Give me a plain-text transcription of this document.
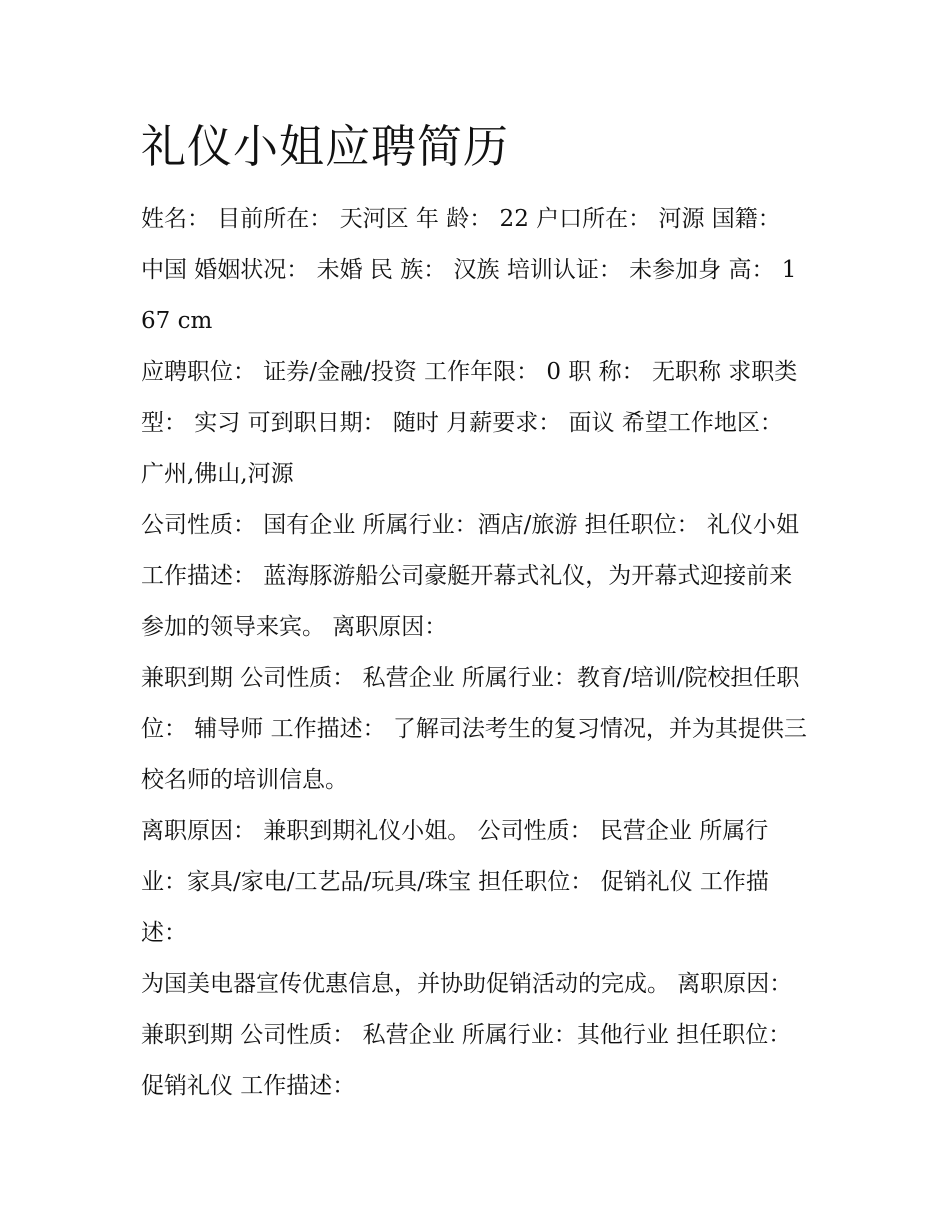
礼仪小姐应聘简历

姓名： 目前所在： 天河区 年 龄： 22 户口所在： 河源 国籍： 中国 婚姻状况： 未婚 民 族： 汉族 培训认证： 未参加身 高： 167 cm

应聘职位： 证券/金融/投资 工作年限： 0 职 称： 无职称 求职类型： 实习 可到职日期： 随时 月薪要求： 面议 希望工作地区： 广州,佛山,河源

公司性质： 国有企业 所属行业：酒店/旅游 担任职位： 礼仪小姐 工作描述： 蓝海豚游船公司豪艇开幕式礼仪，为开幕式迎接前来参加的领导来宾。 离职原因：

兼职到期 公司性质： 私营企业 所属行业：教育/培训/院校担任职位： 辅导师 工作描述： 了解司法考生的复习情况，并为其提供三校名师的培训信息。

离职原因： 兼职到期礼仪小姐。 公司性质： 民营企业 所属行业：家具/家电/工艺品/玩具/珠宝 担任职位： 促销礼仪 工作描述：

为国美电器宣传优惠信息，并协助促销活动的完成。 离职原因： 兼职到期 公司性质： 私营企业 所属行业：其他行业 担任职位： 促销礼仪 工作描述：
